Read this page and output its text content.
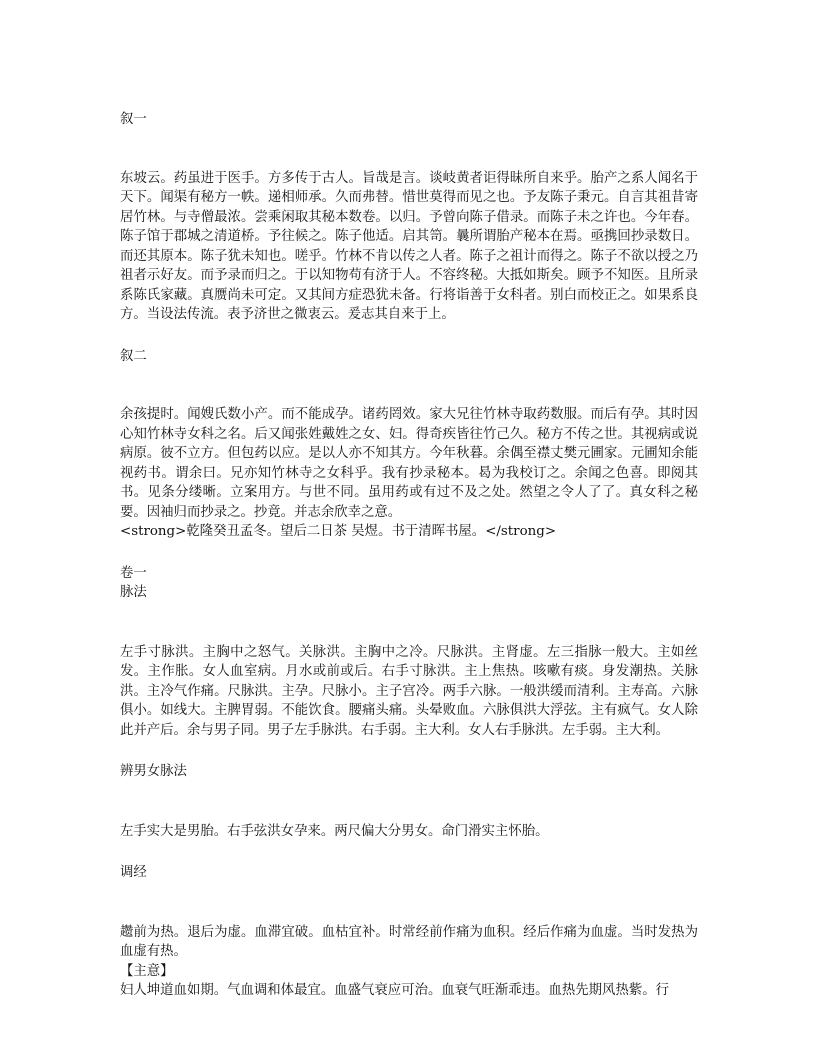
叙一

东坡云。药虽进于医手。方多传于古人。旨哉是言。谈岐黄者讵得昧所自来乎。胎产之系人闻名于天下。闻渠有秘方一帙。递相师承。久而弗替。惜世莫得而见之也。予友陈子秉元。自言其祖昔寄居竹林。与寺僧最浓。尝乘闲取其秘本数卷。以归。予曾向陈子借录。而陈子未之许也。今年春。陈子馆于郡城之清道桥。予往候之。陈子他适。启其笥。曩所谓胎产秘本在焉。亟携回抄录数日。而还其原本。陈子犹未知也。嗟乎。竹林不肯以传之人者。陈子之祖计而得之。陈子不欲以授之乃祖者示好友。而予录而归之。于以知物苟有济于人。不容终秘。大抵如斯矣。顾予不知医。且所录系陈氏家藏。真赝尚未可定。又其间方症恐犹未备。行将诣善于女科者。别白而校正之。如果系良方。当设法传流。表予济世之微衷云。爰志其自来于上。

叙二

余孩提时。闻嫂氏数小产。而不能成孕。诸药罔效。家大兄往竹林寺取药数服。而后有孕。其时因心知竹林寺女科之名。后又闻张姓戴姓之女、妇。得奇疾皆往竹己久。秘方不传之世。其视病或说病原。彼不立方。但包药以应。是以人亦不知其方。今年秋暮。余偶至襟丈樊元圃家。元圃知余能视药书。谓余曰。兄亦知竹林寺之女科乎。我有抄录秘本。曷为我校订之。余闻之色喜。即阅其书。见条分缕晰。立案用方。与世不同。虽用药或有过不及之处。然望之令人了了。真女科之秘要。因袖归而抄录之。抄竟。并志余欣幸之意。

<strong>乾隆癸丑孟冬。望后二日茶 吴煜。书于清晖书屋。</strong>

卷一
脉法

左手寸脉洪。主胸中之怒气。关脉洪。主胸中之冷。尺脉洪。主肾虚。左三指脉一般大。主如丝发。主作胀。女人血室病。月水或前或后。右手寸脉洪。主上焦热。咳嗽有痰。身发潮热。关脉洪。主冷气作痛。尺脉洪。主孕。尺脉小。主子宫冷。两手六脉。一般洪缓而清利。主寿高。六脉俱小。如线大。主脾胃弱。不能饮食。腰痛头痛。头晕败血。六脉俱洪大浮弦。主有疯气。女人除此并产后。余与男子同。男子左手脉洪。右手弱。主大利。女人右手脉洪。左手弱。主大利。

辨男女脉法

左手实大是男胎。右手弦洪女孕来。两尺偏大分男女。命门滑实主怀胎。

调经

趱前为热。退后为虚。血滞宜破。血枯宜补。时常经前作痛为血积。经后作痛为血虚。当时发热为血虚有热。

【主意】

妇人坤道血如期。气血调和体最宜。血盛气衰应可治。血衰气旺渐乖违。血热先期风热紫。行
